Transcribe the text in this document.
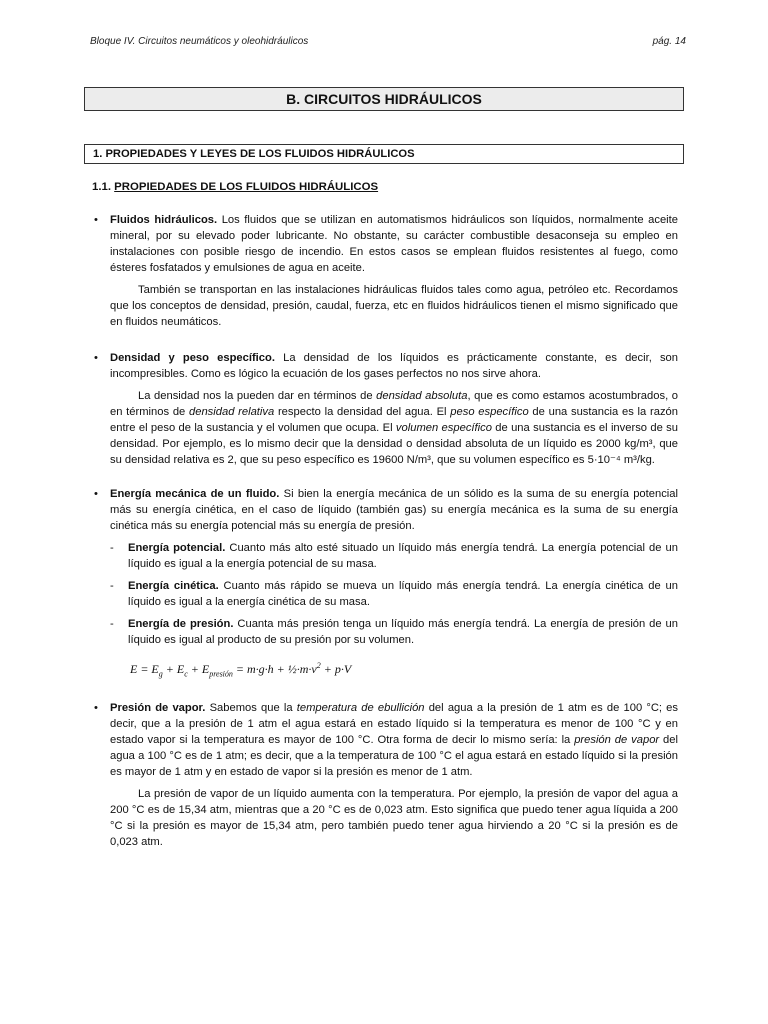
Bloque IV. Circuitos neumáticos y oleohidráulicos	pág. 14
B. CIRCUITOS HIDRÁULICOS
1. PROPIEDADES Y LEYES DE LOS FLUIDOS HIDRÁULICOS
1.1. PROPIEDADES DE LOS FLUIDOS HIDRÁULICOS
• Fluidos hidráulicos. Los fluidos que se utilizan en automatismos hidráulicos son líquidos, normalmente aceite mineral, por su elevado poder lubricante. No obstante, su carácter combustible desaconseja su empleo en instalaciones con posible riesgo de incendio. En estos casos se emplean fluidos resistentes al fuego, como ésteres fosfatados y emulsiones de agua en aceite.
También se transportan en las instalaciones hidráulicas fluidos tales como agua, petróleo etc. Recordamos que los conceptos de densidad, presión, caudal, fuerza, etc en fluidos hidráulicos tienen el mismo significado que en fluidos neumáticos.
• Densidad y peso específico. La densidad de los líquidos es prácticamente constante, es decir, son incompresibles. Como es lógico la ecuación de los gases perfectos no nos sirve ahora.
La densidad nos la pueden dar en términos de densidad absoluta, que es como estamos acostumbrados, o en términos de densidad relativa respecto la densidad del agua. El peso específico de una sustancia es la razón entre el peso de la sustancia y el volumen que ocupa. El volumen específico de una sustancia es el inverso de su densidad. Por ejemplo, es lo mismo decir que la densidad o densidad absoluta de un líquido es 2000 kg/m³, que su densidad relativa es 2, que su peso específico es 19600 N/m³, que su volumen específico es 5·10⁻⁴ m³/kg.
• Energía mecánica de un fluido. Si bien la energía mecánica de un sólido es la suma de su energía potencial más su energía cinética, en el caso de líquido (también gas) su energía mecánica es la suma de su energía cinética más su energía potencial más su energía de presión.
- Energía potencial. Cuanto más alto esté situado un líquido más energía tendrá. La energía potencial de un líquido es igual a la energía potencial de su masa.
- Energía cinética. Cuanto más rápido se mueva un líquido más energía tendrá. La energía cinética de un líquido es igual a la energía cinética de su masa.
- Energía de presión. Cuanta más presión tenga un líquido más energía tendrá. La energía de presión de un líquido es igual al producto de su presión por su volumen.
$E = E_g + E_c + E_{presión} = m\cdot g\cdot h$ + $\frac{1}{2}\cdot m\cdot v^2 + p\cdot V$
• Presión de vapor. Sabemos que la temperatura de ebullición del agua a la presión de 1 atm es de 100 °C; es decir, que a la presión de 1 atm el agua estará en estado líquido si la temperatura es menor de 100 °C y en estado vapor si la temperatura es mayor de 100 °C. Otra forma de decir lo mismo sería: la presión de vapor del agua a 100 °C es de 1 atm; es decir, que a la temperatura de 100 °C el agua estará en estado líquido si la presión es mayor de 1 atm y en estado de vapor si la presión es menor de 1 atm.
La presión de vapor de un líquido aumenta con la temperatura. Por ejemplo, la presión de vapor del agua a 200 °C es de 15,34 atm, mientras que a 20 °C es de 0,023 atm. Esto significa que puedo tener agua líquida a 200 °C si la presión es mayor de 15,34 atm, pero también puedo tener agua hirviendo a 20 °C si la presión es de 0,023 atm.
